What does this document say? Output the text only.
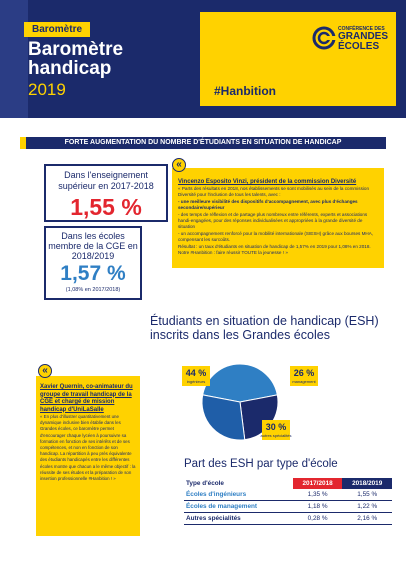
Baromètre
Baromètre
handicap
2019	#Hanbition
CONFÉRENCE DES
GRANDES
ÉCOLES
FORTE AUGMENTATION DU NOMBRE D'ÉTUDIANTS EN SITUATION DE HANDICAP
Dans l'enseignement supérieur en 2017-2018
1,55 %
Dans les écoles membre de la CGE en 2018/2019
1,57 %
(1,08% en 2017/2018)
Vincenzo Esposito Vinzi, président de la commission Diversité
« Parts des résultats en 2018, nos établissements se sont mobilisés au sein de la commission Diversité pour l'inclusion de tous les talents, avec :
- une meilleure visibilité des dispositifs d'accompagnement, avec plus d'échanges secondaire/supérieur
- des temps de réflexion et de partage plus nombreux entre référents, experts et associations handi-engagées, pour des réponses individualisées et appropriées à la grande diversité de situation
- un accompagnement renforcé pour la mobilité internationale (SIESH) grâce aux bourses MHA, compensant les surcoûts.
Résultat : un taux d'étudiants en situation de handicap de 1,57% en 2019 pour 1,08% en 2018.
Notre #Hanbition : faire réussir TOUTE la jeunesse ! »
«
Étudiants en situation de handicap (ESH) inscrits dans les Grandes écoles
44 %
ingénieurs
26 %
management
30 %
autres spécialités
Xavier Quernin, co-animateur du groupe de travail handicap de la CGE et chargé de mission handicap d'UniLaSalle
« En plus d'illustrer quantitativement une dynamique inclusive bien établie dans les Grandes écoles, ce baromètre permet d'encourager chaque lycéen à poursuivre sa formation en fonction de ses intérêts et de ses compétences, et non en fonction de son handicap. La répartition à peu près équivalente des étudiants handicapés entre les différentes écoles montre que chacun a le même objectif : la réussite de ses études et la préparation de son insertion professionnelle #Hanbition ! »
«
Part des ESH par type d'école
Type d'école	2017/2018	2018/2019
Écoles d'ingénieurs	1,35 %	1,55 %
Écoles de management	1,18 %	1,22 %
Autres spécialités	0,28 %	2,16 %
